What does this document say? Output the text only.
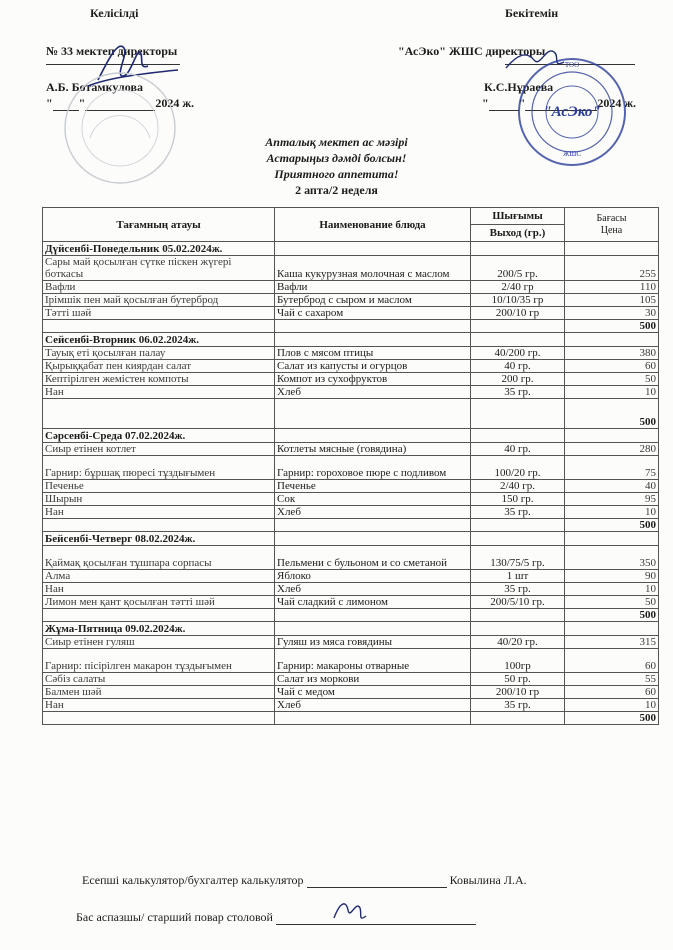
Келісілді
№ 33 мектеп директоры
А.Б. Ботамкулова
" "	2024 ж.
Бекітемін
"АсЭко" ЖШС директоры
К.С.Нұраева
"	"	2024 ж.
"АсЭко"
ТОО
ЖШС
Апталық мектеп ас мәзірі
Астарыңыз дәмді болсын!
Приятного аппетита!
2 апта/2 неделя
Тағамның атауы	Наименование блюда	Шығымы	Бағасы
Цена
		Выход (гр.)	
Дүйсенбі-Понедельник 05.02.2024ж.			
Сары май қосылған сүтке піскен жүгері боткасы	Каша кукурузная молочная с маслом	200/5 гр.	255
Вафли	Вафли	2/40 гр	110
Ірімшік пен май қосылған бутерброд	Бутерброд с сыром и маслом	10/10/35 гр	105
Тәтті шәй	Чай с сахаром	200/10 гр	30
			500
Сейсенбі-Вторник 06.02.2024ж.			
Тауық еті қосылған палау	Плов с мясом птицы	40/200 гр.	380
Қырыққабат пен киярдан салат	Салат из капусты и огурцов	40 гр.	60
Кептірілген жемістен компоты	Компот из сухофруктов	200 гр.	50
Нан	Хлеб	35 гр.	10
			500
Сәрсенбі-Среда 07.02.2024ж.			
Сиыр етінен котлет	Котлеты мясные (говядина)	40 гр.	280
Гарнир: бұршақ пюресі тұздығымен	Гарнир: гороховое пюре с подливом	100/20 гр.	75
Печенье	Печенье	2/40 гр.	40
Шырын	Сок	150 гр.	95
Нан	Хлеб	35 гр.	10
			500
Бейсенбі-Четверг 08.02.2024ж.			
Қаймақ қосылған тұшпара сорпасы	Пельмени с бульоном и со сметаной	130/75/5 гр.	350
Алма	Яблоко	1 шт	90
Нан	Хлеб	35 гр.	10
Лимон мен қант қосылған тәтті шәй	Чай сладкий с лимоном	200/5/10 гр.	50
			500
Жұма-Пятница 09.02.2024ж.			
Сиыр етінен гуляш	Гуляш из мяса говядины	40/20 гр.	315
Гарнир: пісірілген макарон тұздығымен	Гарнир: макароны отварные	100гр	60
Сәбіз салаты	Салат из моркови	50 гр.	55
Балмен шәй	Чай с медом	200/10 гр	60
Нан	Хлеб	35 гр.	10
			500
Есепші калькулятор/бухгалтер калькулятор	Ковылина Л.А.
Бас аспазшы/ старший повар столовой
